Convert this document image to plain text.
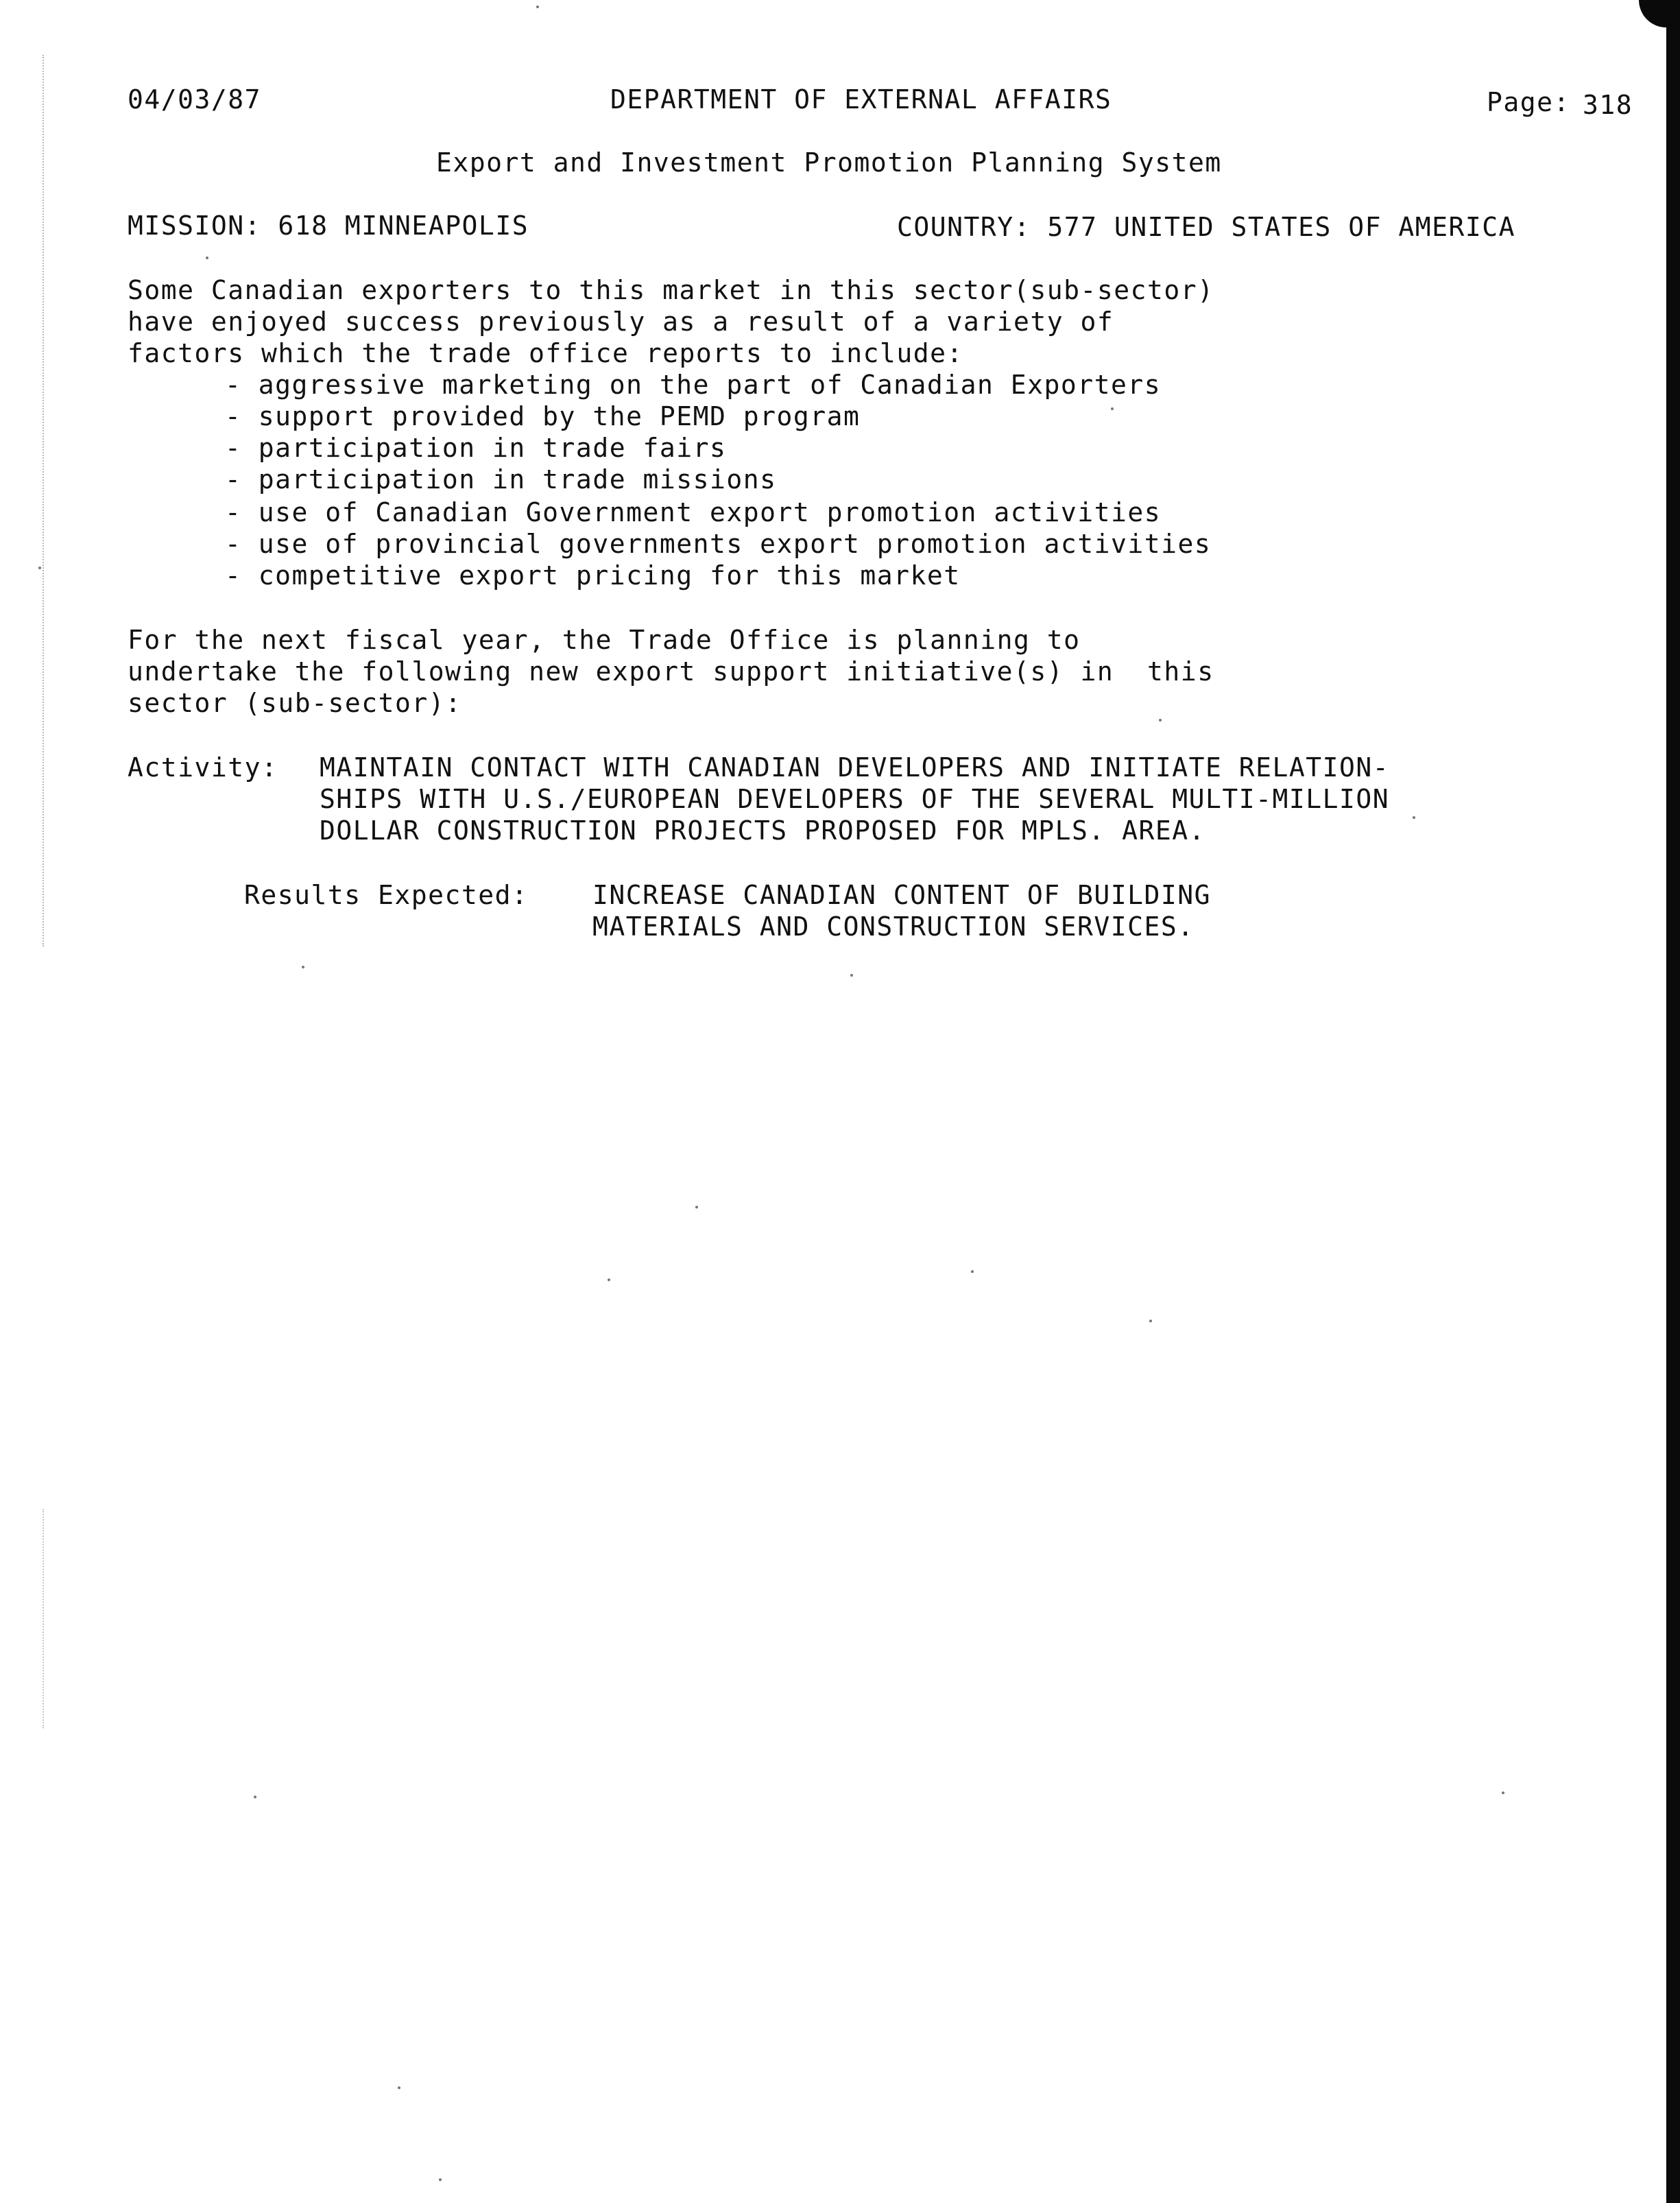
04/03/87	DEPARTMENT OF EXTERNAL AFFAIRS	Page: 318
Export and Investment Promotion Planning System
MISSION: 618 MINNEAPOLIS	COUNTRY: 577 UNITED STATES OF AMERICA
Some Canadian exporters to this market in this sector(sub-sector)
have enjoyed success previously as a result of a variety of
factors which the trade office reports to include:
- aggressive marketing on the part of Canadian Exporters
- support provided by the PEMD program
- participation in trade fairs
- participation in trade missions
- use of Canadian Government export promotion activities
- use of provincial governments export promotion activities
- competitive export pricing for this market
For the next fiscal year, the Trade Office is planning to
undertake the following new export support initiative(s) in  this
sector (sub-sector):
Activity: MAINTAIN CONTACT WITH CANADIAN DEVELOPERS AND INITIATE RELATION-
SHIPS WITH U.S./EUROPEAN DEVELOPERS OF THE SEVERAL MULTI-MILLION
DOLLAR CONSTRUCTION PROJECTS PROPOSED FOR MPLS. AREA.
Results Expected: INCREASE CANADIAN CONTENT OF BUILDING
MATERIALS AND CONSTRUCTION SERVICES.
